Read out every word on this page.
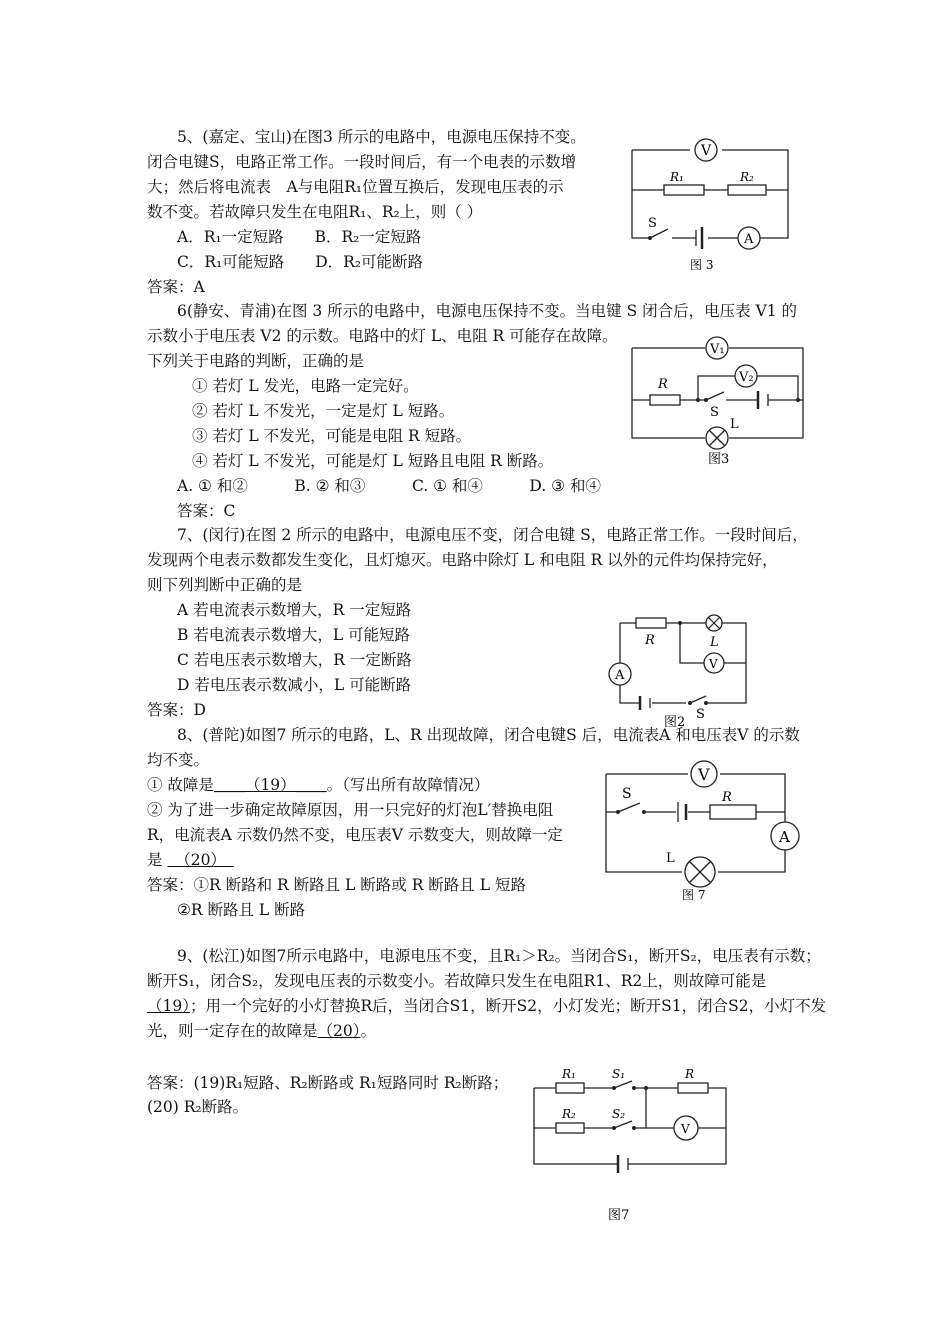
5、(嘉定、宝山)在图3 所示的电路中，电源电压保持不变。
闭合电键S，电路正常工作。一段时间后，有一个电表的示数增
大；然后将电流表　A与电阻R₁位置互换后，发现电压表的示
数不变。若故障只发生在电阻R₁、R₂上，则（ ）
A．R₁一定短路　　B．R₂一定短路
C．R₁可能短路　　D．R₂可能断路
答案：A
V
R₁	R₂
S
A
图 3
6(静安、青浦)在图 3 所示的电路中，电源电压保持不变。当电键 S 闭合后，电压表 V1 的
示数小于电压表 V2 的示数。电路中的灯 L、电阻 R 可能存在故障。
下列关于电路的判断，正确的是
① 若灯 L 发光，电路一定完好。
② 若灯 L 不发光，一定是灯 L 短路。
③ 若灯 L 不发光，可能是电阻 R 短路。
④ 若灯 L 不发光，可能是灯 L 短路且电阻 R 断路。
A. ① 和②　　　B. ② 和③　　　C. ① 和④　　　D. ③ 和④
答案：C
V₁
V₂
R
S
L
图3
7、(闵行)在图 2 所示的电路中，电源电压不变，闭合电键 S，电路正常工作。一段时间后，
发现两个电表示数都发生变化，且灯熄灭。电路中除灯 L 和电阻 R 以外的元件均保持完好，
则下列判断中正确的是
A 若电流表示数增大，R 一定短路
B 若电流表示数增大，L 可能短路
C 若电压表示数增大，R 一定断路
D 若电压表示数减小，L 可能断路
答案：D
R	L
V
A
S
图2
8、(普陀)如图7 所示的电路，L、R 出现故障，闭合电键S 后，电流表A 和电压表V 的示数
均不变。
① 故障是＿＿（19）＿＿。（写出所有故障情况）
② 为了进一步确定故障原因，用一只完好的灯泡L′替换电阻
R，电流表A 示数仍然不变，电压表V 示数变大，则故障一定
是 　（20）　
答案：①R 断路和 R 断路且 L 断路或 R 断路且 L 短路
②R 断路且 L 断路
V
S	R
A
L
图 7
9、(松江)如图7所示电路中，电源电压不变，且R₁＞R₂。当闭合S₁，断开S₂，电压表有示数；
断开S₁，闭合S₂，发现电压表的示数变小。若故障只发生在电阻R1、R2上，则故障可能是
（19）；用一个完好的小灯替换R后，当闭合S1，断开S2，小灯发光；断开S1，闭合S2，小灯不发
光，则一定存在的故障是（20）。
答案：(19)R₁短路、R₂断路或 R₁短路同时 R₂断路；
(20) R₂断路。
R₁	S₁	R
R₂	S₂
V
图7
